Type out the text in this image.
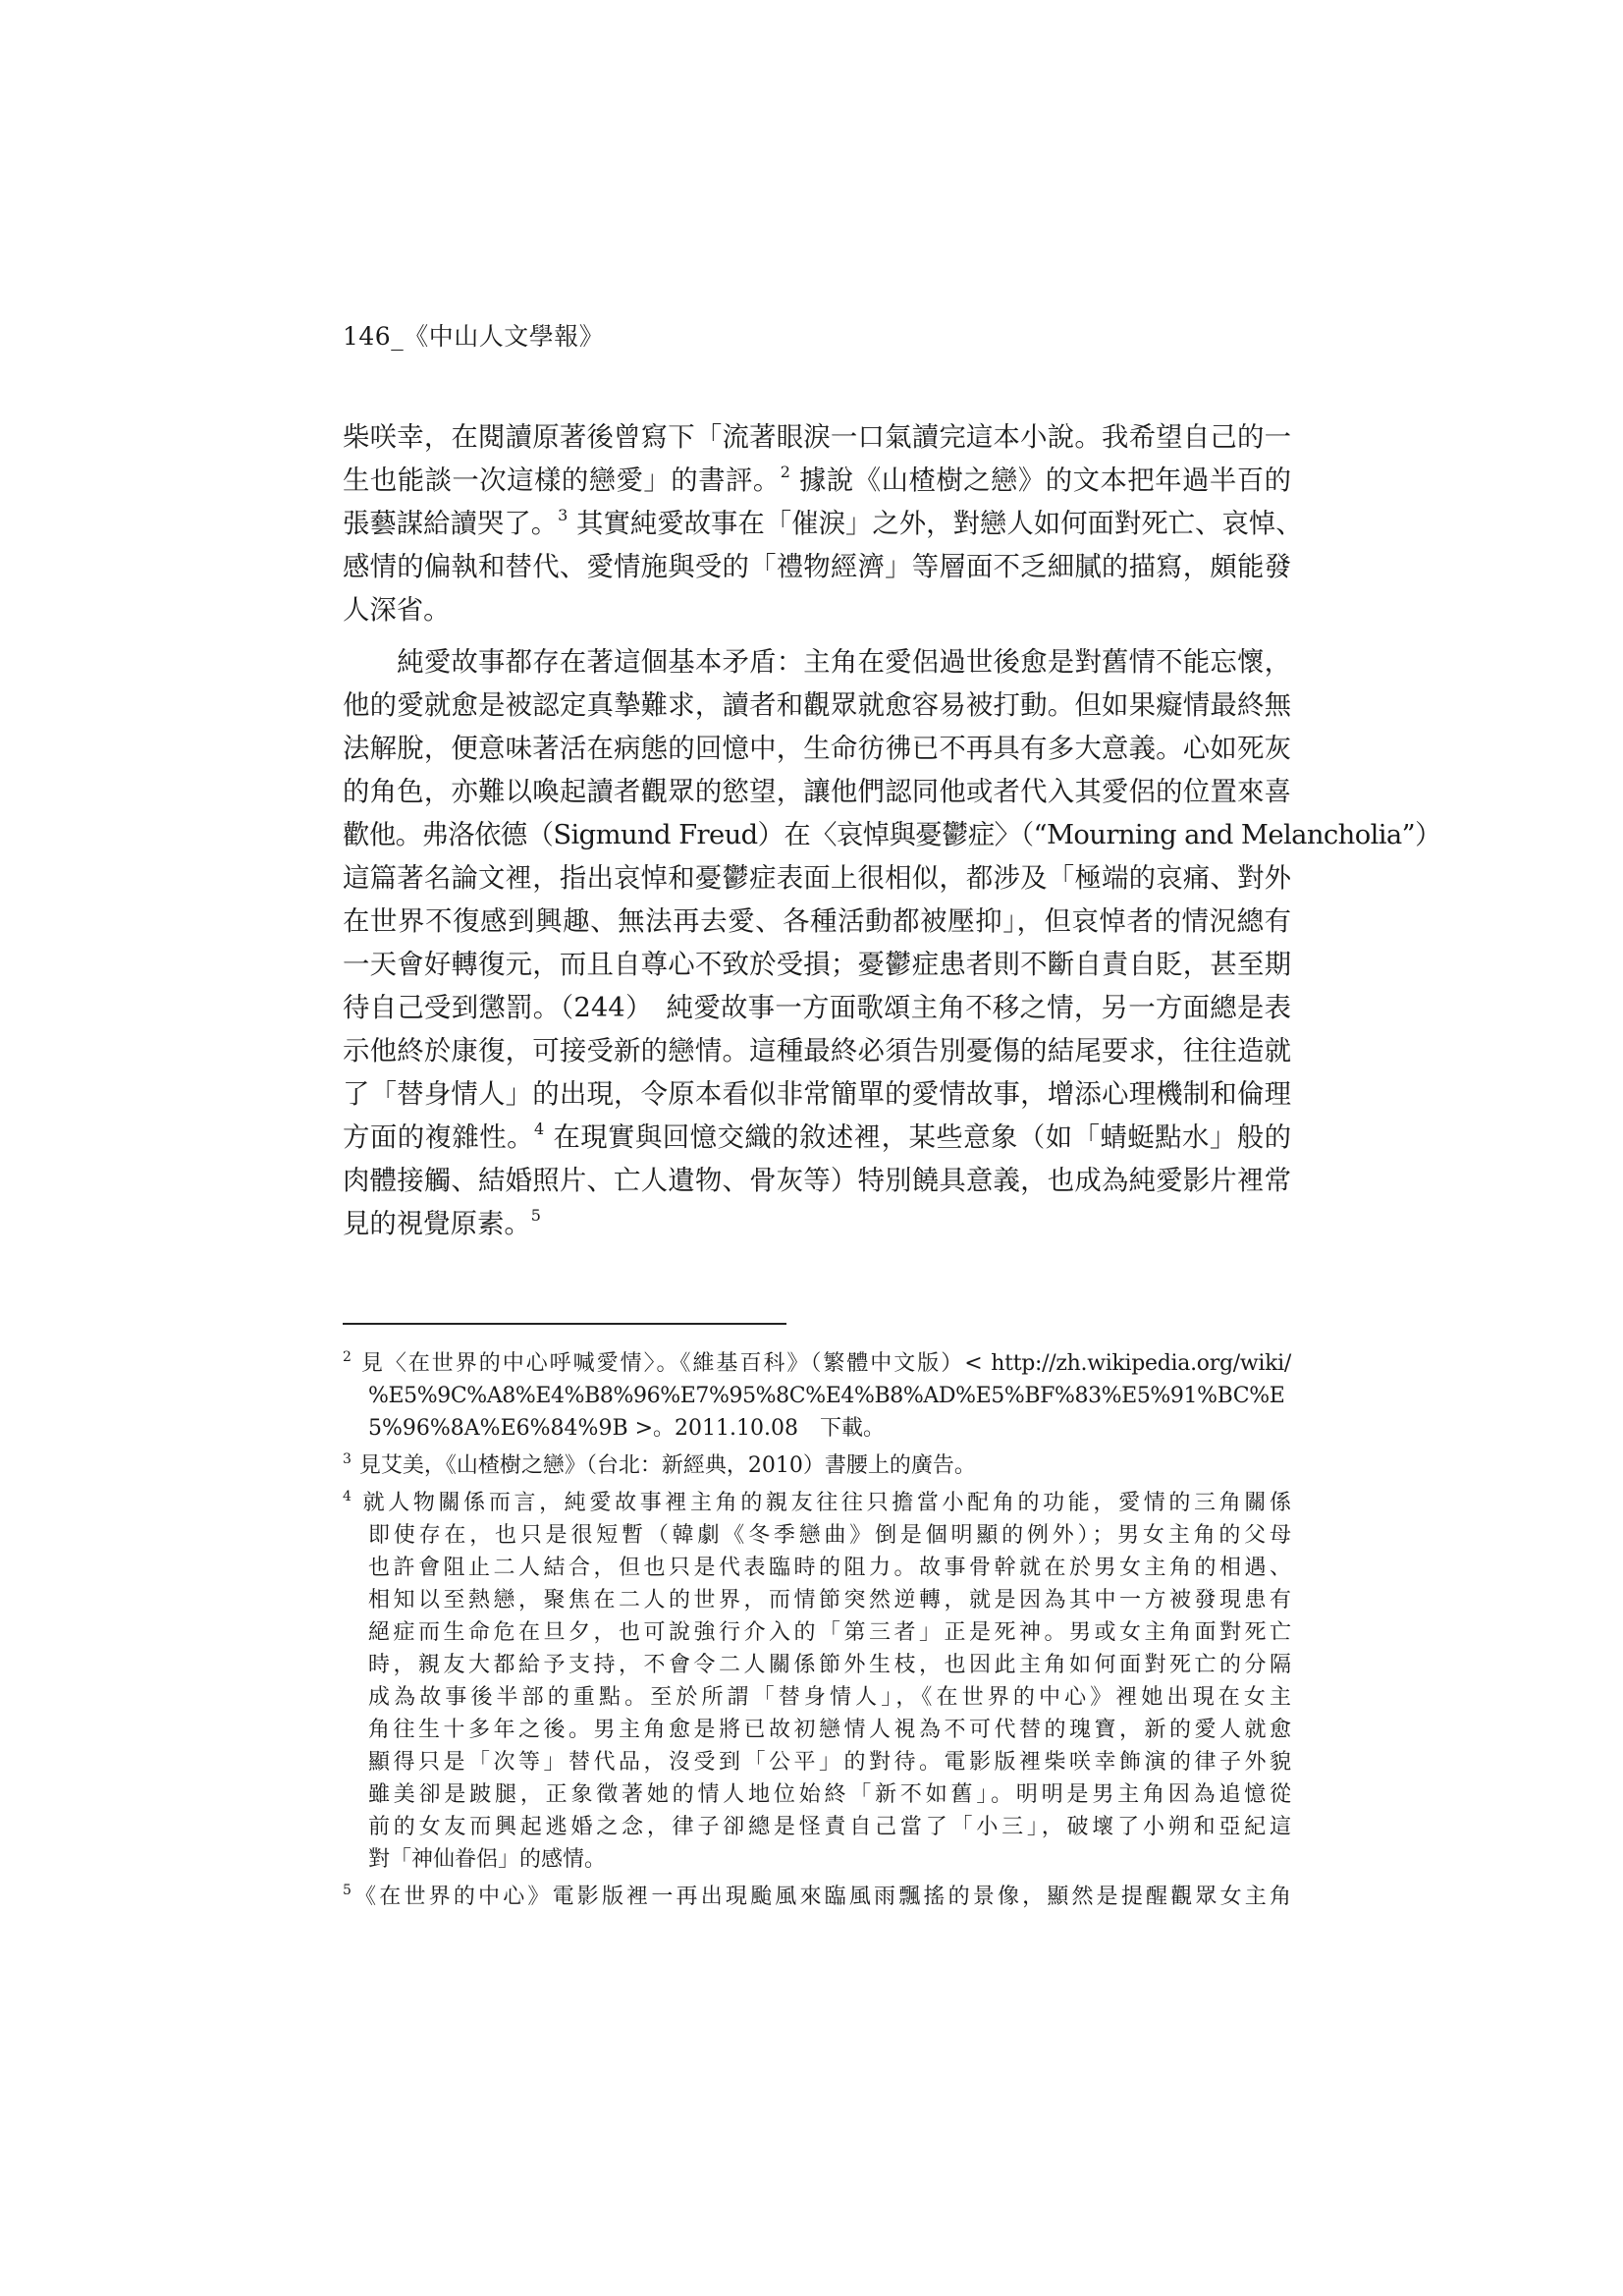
146_《中山人文學報》
柴咲幸，在閱讀原著後曾寫下「流著眼淚一口氣讀完這本小說。我希望自己的一
生也能談一次這樣的戀愛」的書評。$^2$ 據說《山楂樹之戀》的文本把年過半百的
張藝謀給讀哭了。$^3$ 其實純愛故事在「催淚」之外，對戀人如何面對死亡、哀悼、
感情的偏執和替代、愛情施與受的「禮物經濟」等層面不乏細膩的描寫，頗能發
人深省。
　　純愛故事都存在著這個基本矛盾：主角在愛侶過世後愈是對舊情不能忘懷，
他的愛就愈是被認定真摯難求，讀者和觀眾就愈容易被打動。但如果癡情最終無
法解脫，便意味著活在病態的回憶中，生命彷彿已不再具有多大意義。心如死灰
的角色，亦難以喚起讀者觀眾的慾望，讓他們認同他或者代入其愛侶的位置來喜
歡他。弗洛依德（Sigmund Freud）在〈哀悼與憂鬱症〉（“Mourning and Melancholia”）
這篇著名論文裡，指出哀悼和憂鬱症表面上很相似，都涉及「極端的哀痛、對外
在世界不復感到興趣、無法再去愛、各種活動都被壓抑」，但哀悼者的情況總有
一天會好轉復元，而且自尊心不致於受損；憂鬱症患者則不斷自責自貶，甚至期
待自己受到懲罰。（244）　純愛故事一方面歌頌主角不移之情，另一方面總是表
示他終於康復，可接受新的戀情。這種最終必須告別憂傷的結尾要求，往往造就
了「替身情人」的出現，令原本看似非常簡單的愛情故事，增添心理機制和倫理
方面的複雜性。$^4$ 在現實與回憶交織的敘述裡，某些意象（如「蜻蜓點水」般的
肉體接觸、結婚照片、亡人遺物、骨灰等）特別饒具意義，也成為純愛影片裡常
見的視覺原素。$^5$
$^2$ 見〈在世界的中心呼喊愛情〉。《維基百科》（繁體中文版）< http://zh.wikipedia.org/wiki/
%E5%9C%A8%E4%B8%96%E7%95%8C%E4%B8%AD%E5%BF%83%E5%91%BC%E
5%96%8A%E6%84%9B >。2011.10.08　下載。
$^3$ 見艾美，《山楂樹之戀》（台北：新經典，2010）書腰上的廣告。
$^4$ 就人物關係而言，純愛故事裡主角的親友往往只擔當小配角的功能，愛情的三角關係
即使存在，也只是很短暫（韓劇《冬季戀曲》倒是個明顯的例外）；男女主角的父母
也許會阻止二人結合，但也只是代表臨時的阻力。故事骨幹就在於男女主角的相遇、
相知以至熱戀，聚焦在二人的世界，而情節突然逆轉，就是因為其中一方被發現患有
絕症而生命危在旦夕，也可說強行介入的「第三者」正是死神。男或女主角面對死亡
時，親友大都給予支持，不會令二人關係節外生枝，也因此主角如何面對死亡的分隔
成為故事後半部的重點。至於所謂「替身情人」，《在世界的中心》裡她出現在女主
角往生十多年之後。男主角愈是將已故初戀情人視為不可代替的瑰寶，新的愛人就愈
顯得只是「次等」替代品，沒受到「公平」的對待。電影版裡柴咲幸飾演的律子外貌
雖美卻是跛腿，正象徵著她的情人地位始終「新不如舊」。明明是男主角因為追憶從
前的女友而興起逃婚之念，律子卻總是怪責自己當了「小三」，破壞了小朔和亞紀這
對「神仙眷侶」的感情。
$^5$《在世界的中心》電影版裡一再出現颱風來臨風雨飄搖的景像，顯然是提醒觀眾女主角
